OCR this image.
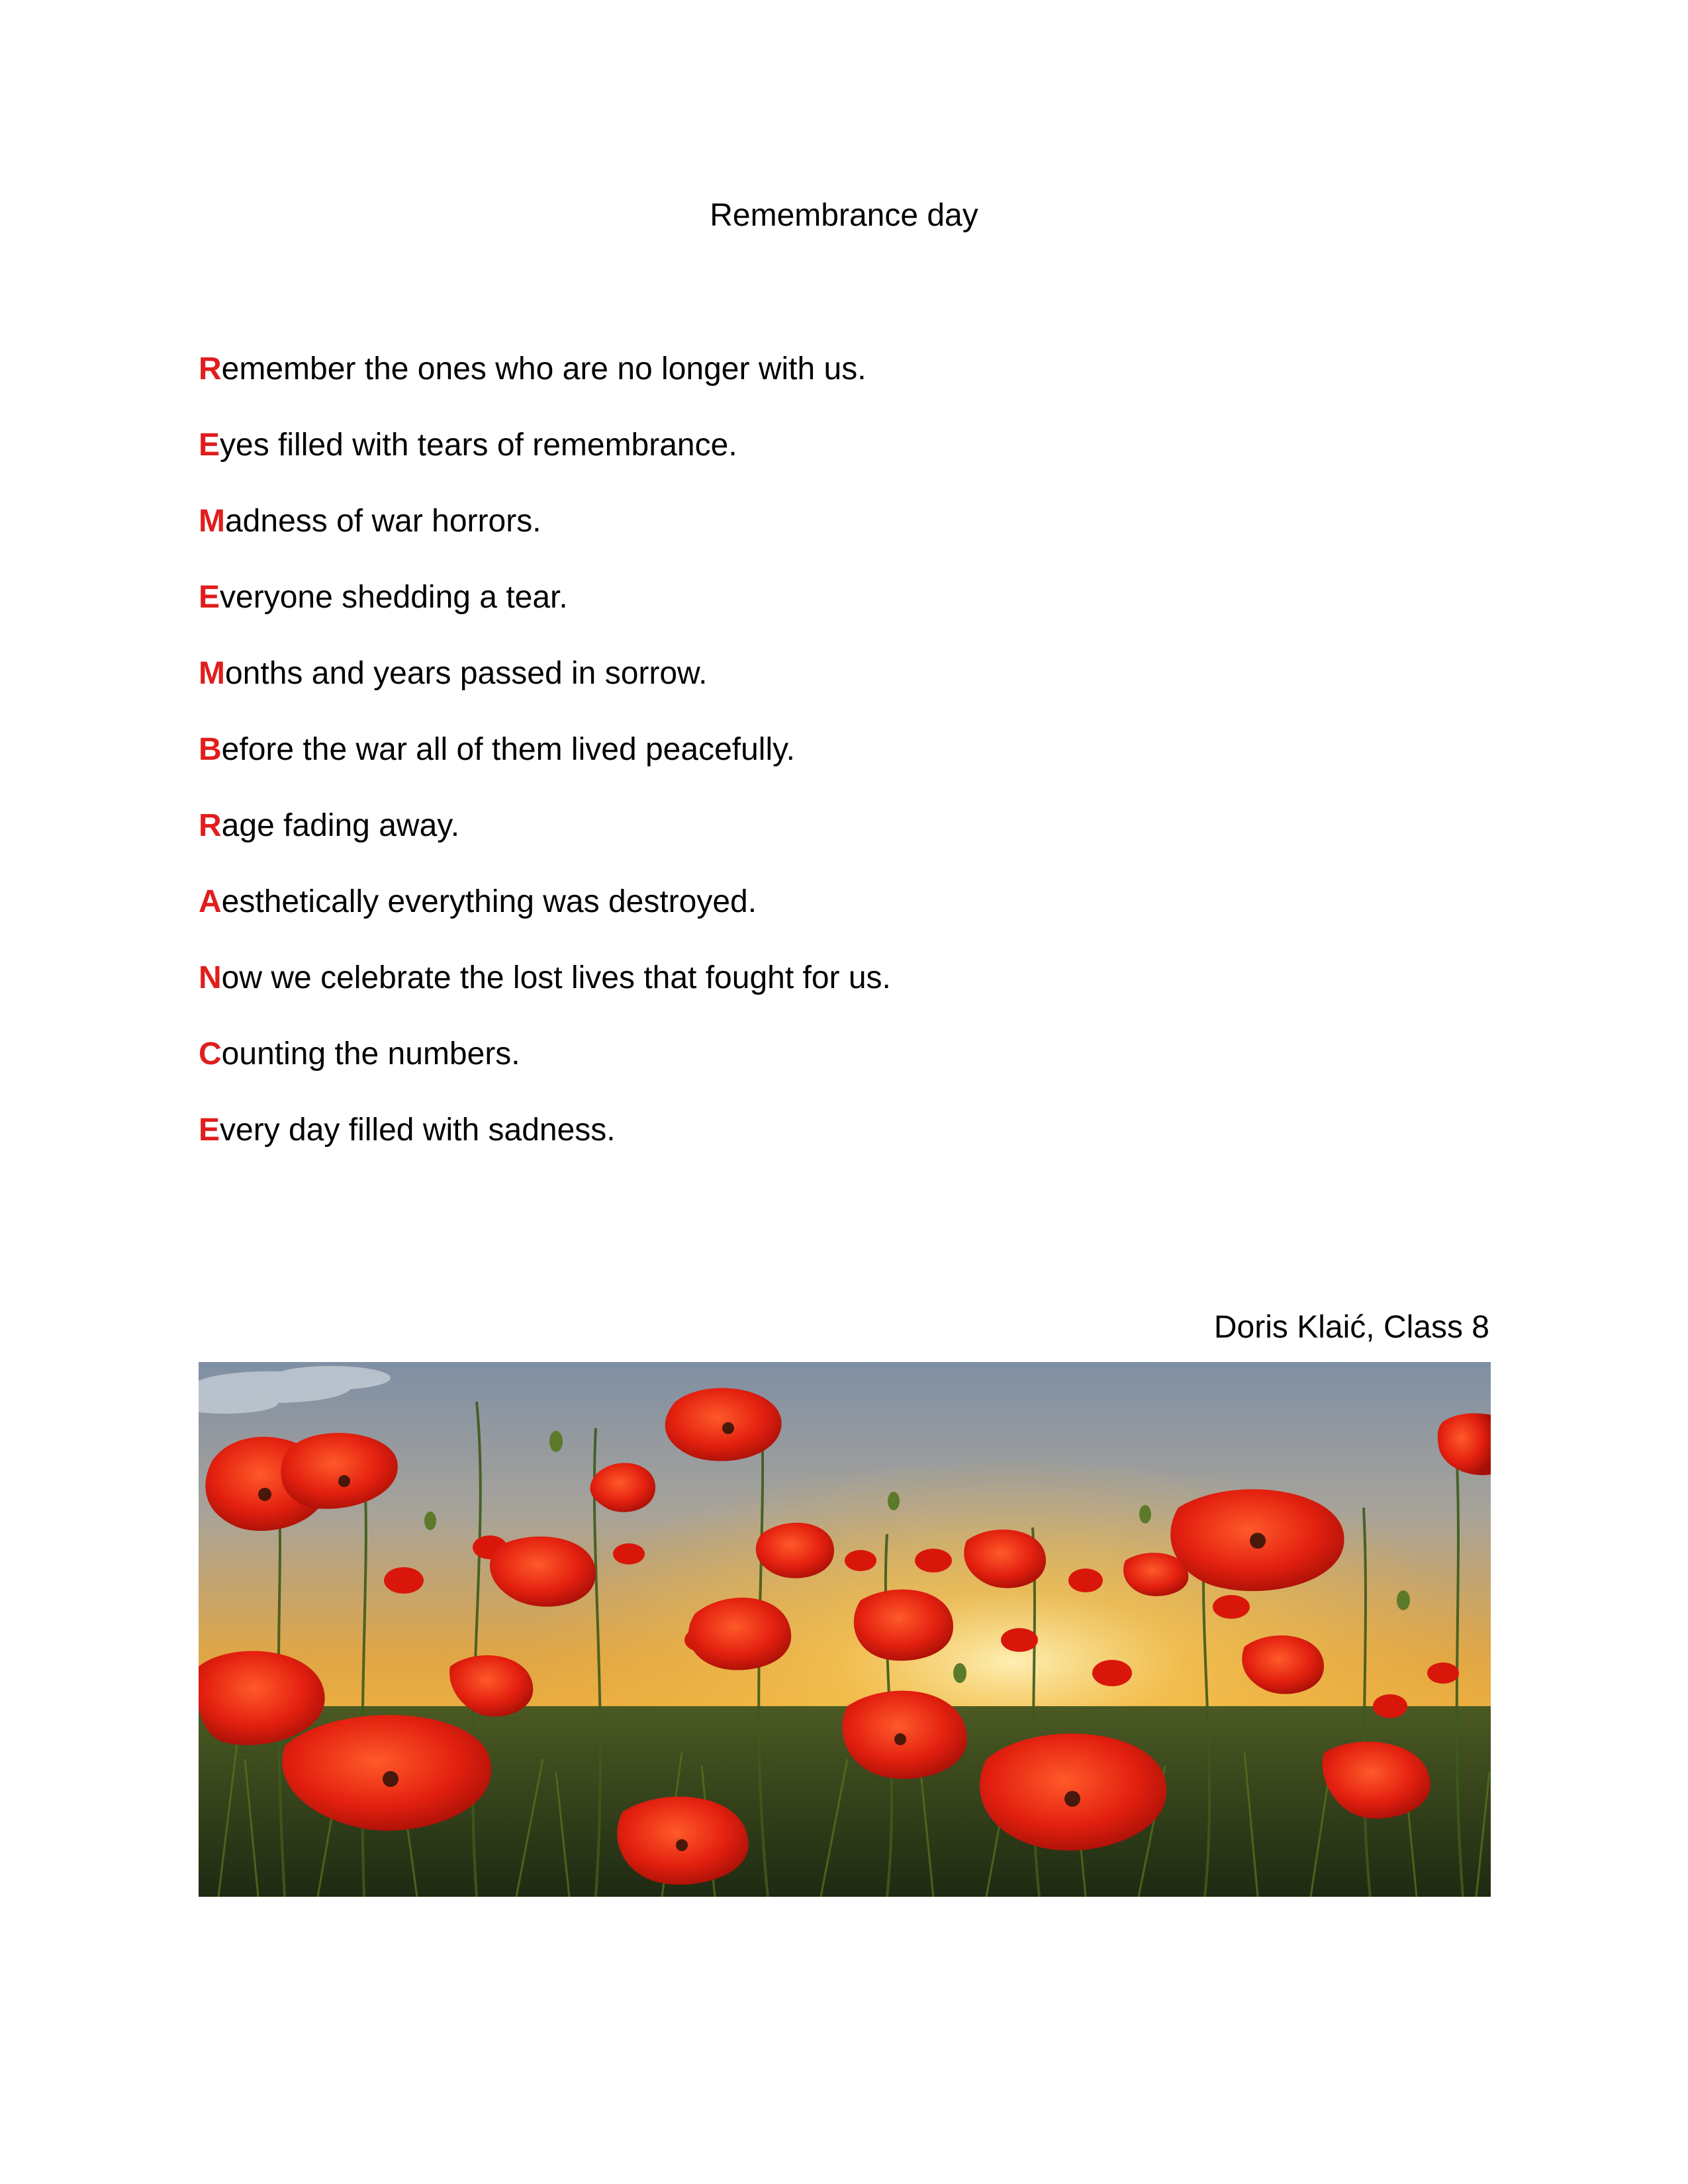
Remembrance day
Remember the ones who are no longer with us.
Eyes filled with tears of remembrance.
Madness of war horrors.
Everyone shedding a tear.
Months and years passed in sorrow.
Before the war all of them lived peacefully.
Rage fading away.
Aesthetically everything was destroyed.
Now we celebrate the lost lives that fought for us.
Counting the numbers.
Every day filled with sadness.
Doris Klaić, Class 8
